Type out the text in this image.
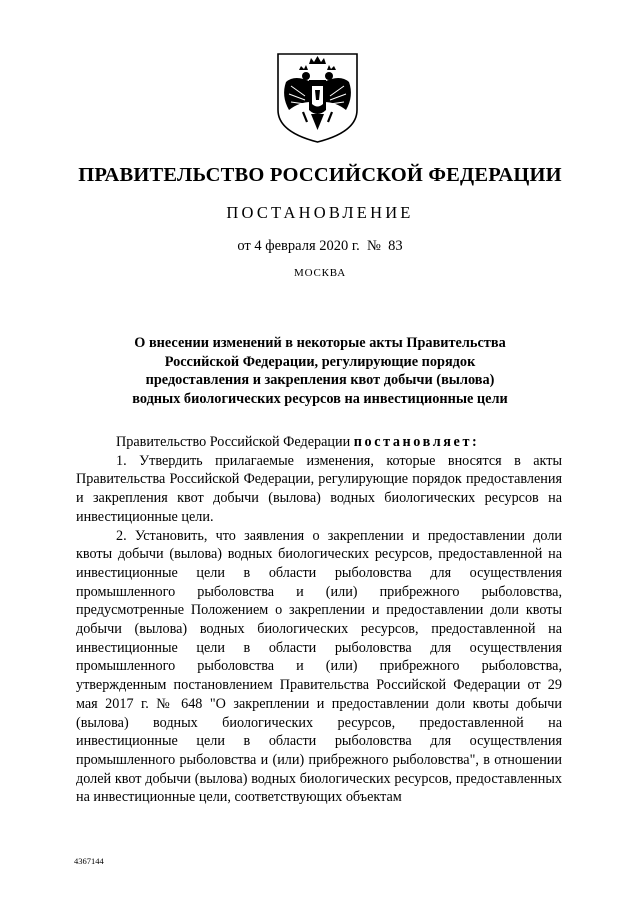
ПРАВИТЕЛЬСТВО РОССИЙСКОЙ ФЕДЕРАЦИИ
ПОСТАНОВЛЕНИЕ
от 4 февраля 2020 г.  №  83
МОСКВА
О внесении изменений в некоторые акты Правительства
Российской Федерации, регулирующие порядок
предоставления и закрепления квот добычи (вылова)
водных биологических ресурсов на инвестиционные цели

Правительство Российской Федерации постановляет:

1. Утвердить прилагаемые изменения, которые вносятся в акты Правительства Российской Федерации, регулирующие порядок предоставления и закрепления квот добычи (вылова) водных биологических ресурсов на инвестиционные цели.

2. Установить, что заявления о закреплении и предоставлении доли квоты добычи (вылова) водных биологических ресурсов, предоставленной на инвестиционные цели в области рыболовства для осуществления промышленного рыболовства и (или) прибрежного рыболовства, предусмотренные Положением о закреплении и предоставлении доли квоты добычи (вылова) водных биологических ресурсов, предоставленной на инвестиционные цели в области рыболовства для осуществления промышленного рыболовства и (или) прибрежного рыболовства, утвержденным постановлением Правительства Российской Федерации от 29 мая 2017 г. № 648 "О закреплении и предоставлении доли квоты добычи (вылова) водных биологических ресурсов, предоставленной на инвестиционные цели в области рыболовства для осуществления промышленного рыболовства и (или) прибрежного рыболовства", в отношении долей квот добычи (вылова) водных биологических ресурсов, предоставленных на инвестиционные цели, соответствующих объектам

4367144
